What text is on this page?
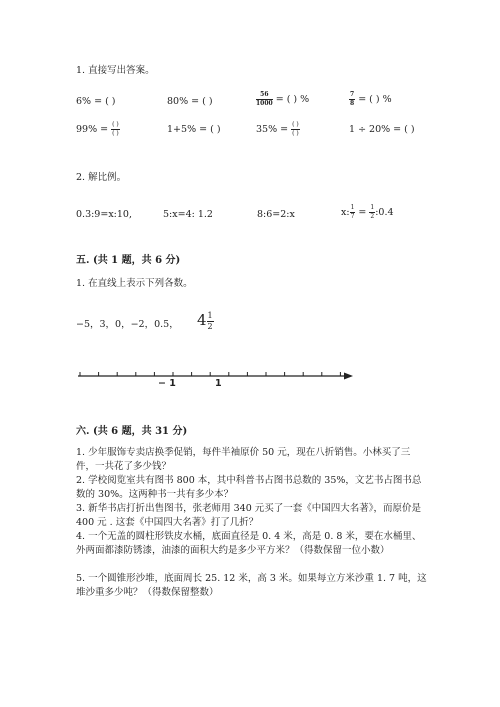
1. 直接写出答案。
6% = ( )	80% = ( )	$\frac{56}{1000}$ = ( ) %	$\frac{7}{8}$ = ( ) %
$99\% = \frac{( )}{( )}$	1+5% = ( )	$35\% = \frac{( )}{( )}$	1 ÷ 20% = ( )
2. 解比例。
0.3:9=x:10,	5:x=4: 1.2	8:6=2:x	x: $\frac{1}{7} = \frac{1}{2}$ :0.4
五. (共 1 题，共 6 分)
1. 在直线上表示下列各数。
−5，3，0，−2，0.5， $4 \frac{1}{2}$
− 1	1
六. (共 6 题，共 31 分)
1. 少年服饰专卖店换季促销，每件半袖原价 50 元，现在八折销售。小林买了三件，一共花了多少钱？
2. 学校阅览室共有图书 800 本，其中科普书占图书总数的 35%，文艺书占图书总数的 30%。这两种书一共有多少本？
3. 新华书店打折出售图书，张老师用 340 元买了一套《中国四大名著》，而原价是 400 元 . 这套《中国四大名著》打了几折？
4. 一个无盖的圆柱形铁皮水桶，底面直径是 0. 4 米，高是 0. 8 米，要在水桶里、外两面都漆防锈漆，油漆的面积大约是多少平方米？（得数保留一位小数）
5. 一个圆锥形沙堆，底面周长 25. 12 米，高 3 米。如果每立方米沙重 1. 7 吨，这堆沙重多少吨？（得数保留整数）
